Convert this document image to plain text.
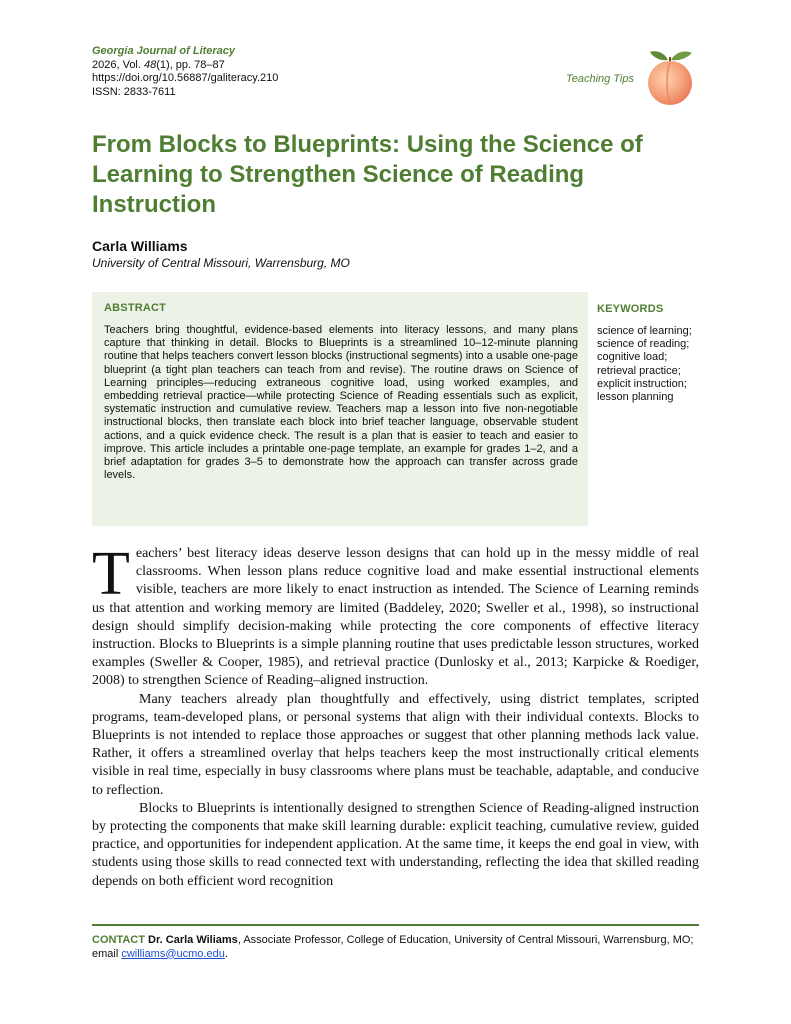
Georgia Journal of Literacy
2026, Vol. 48(1), pp. 78–87
https://doi.org/10.56887/galiteracy.210
ISSN: 2833-7611
Teaching Tips
From Blocks to Blueprints: Using the Science of Learning to Strengthen Science of Reading Instruction
Carla Williams
University of Central Missouri, Warrensburg, MO
ABSTRACT
Teachers bring thoughtful, evidence-based elements into literacy lessons, and many plans capture that thinking in detail. Blocks to Blueprints is a streamlined 10–12-minute planning routine that helps teachers convert lesson blocks (instructional segments) into a usable one-page blueprint (a tight plan teachers can teach from and revise). The routine draws on Science of Learning principles—reducing extraneous cognitive load, using worked examples, and embedding retrieval practice—while protecting Science of Reading essentials such as explicit, systematic instruction and cumulative review. Teachers map a lesson into five non-negotiable instructional blocks, then translate each block into brief teacher language, observable student actions, and a quick evidence check. The result is a plan that is easier to teach and easier to improve. This article includes a printable one-page template, an example for grades 1–2, and a brief adaptation for grades 3–5 to demonstrate how the approach can transfer across grade levels.
KEYWORDS
science of learning; science of reading; cognitive load; retrieval practice; explicit instruction; lesson planning

Teachers’ best literacy ideas deserve lesson designs that can hold up in the messy middle of real classrooms. When lesson plans reduce cognitive load and make essential instructional elements visible, teachers are more likely to enact instruction as intended. The Science of Learning reminds us that attention and working memory are limited (Baddeley, 2020; Sweller et al., 1998), so instructional design should simplify decision-making while protecting the core components of effective literacy instruction. Blocks to Blueprints is a simple planning routine that uses predictable lesson structures, worked examples (Sweller & Cooper, 1985), and retrieval practice (Dunlosky et al., 2013; Karpicke & Roediger, 2008) to strengthen Science of Reading–aligned instruction.

Many teachers already plan thoughtfully and effectively, using district templates, scripted programs, team-developed plans, or personal systems that align with their individual contexts. Blocks to Blueprints is not intended to replace those approaches or suggest that other planning methods lack value. Rather, it offers a streamlined overlay that helps teachers keep the most instructionally critical elements visible in real time, especially in busy classrooms where plans must be teachable, adaptable, and conducive to reflection.

Blocks to Blueprints is intentionally designed to strengthen Science of Reading-aligned instruction by protecting the components that make skill learning durable: explicit teaching, cumulative review, guided practice, and opportunities for independent application. At the same time, it keeps the end goal in view, with students using those skills to read connected text with understanding, reflecting the idea that skilled reading depends on both efficient word recognition

CONTACT Dr. Carla Wiliams, Associate Professor, College of Education, University of Central Missouri, Warrensburg, MO; email cwilliams@ucmo.edu.
